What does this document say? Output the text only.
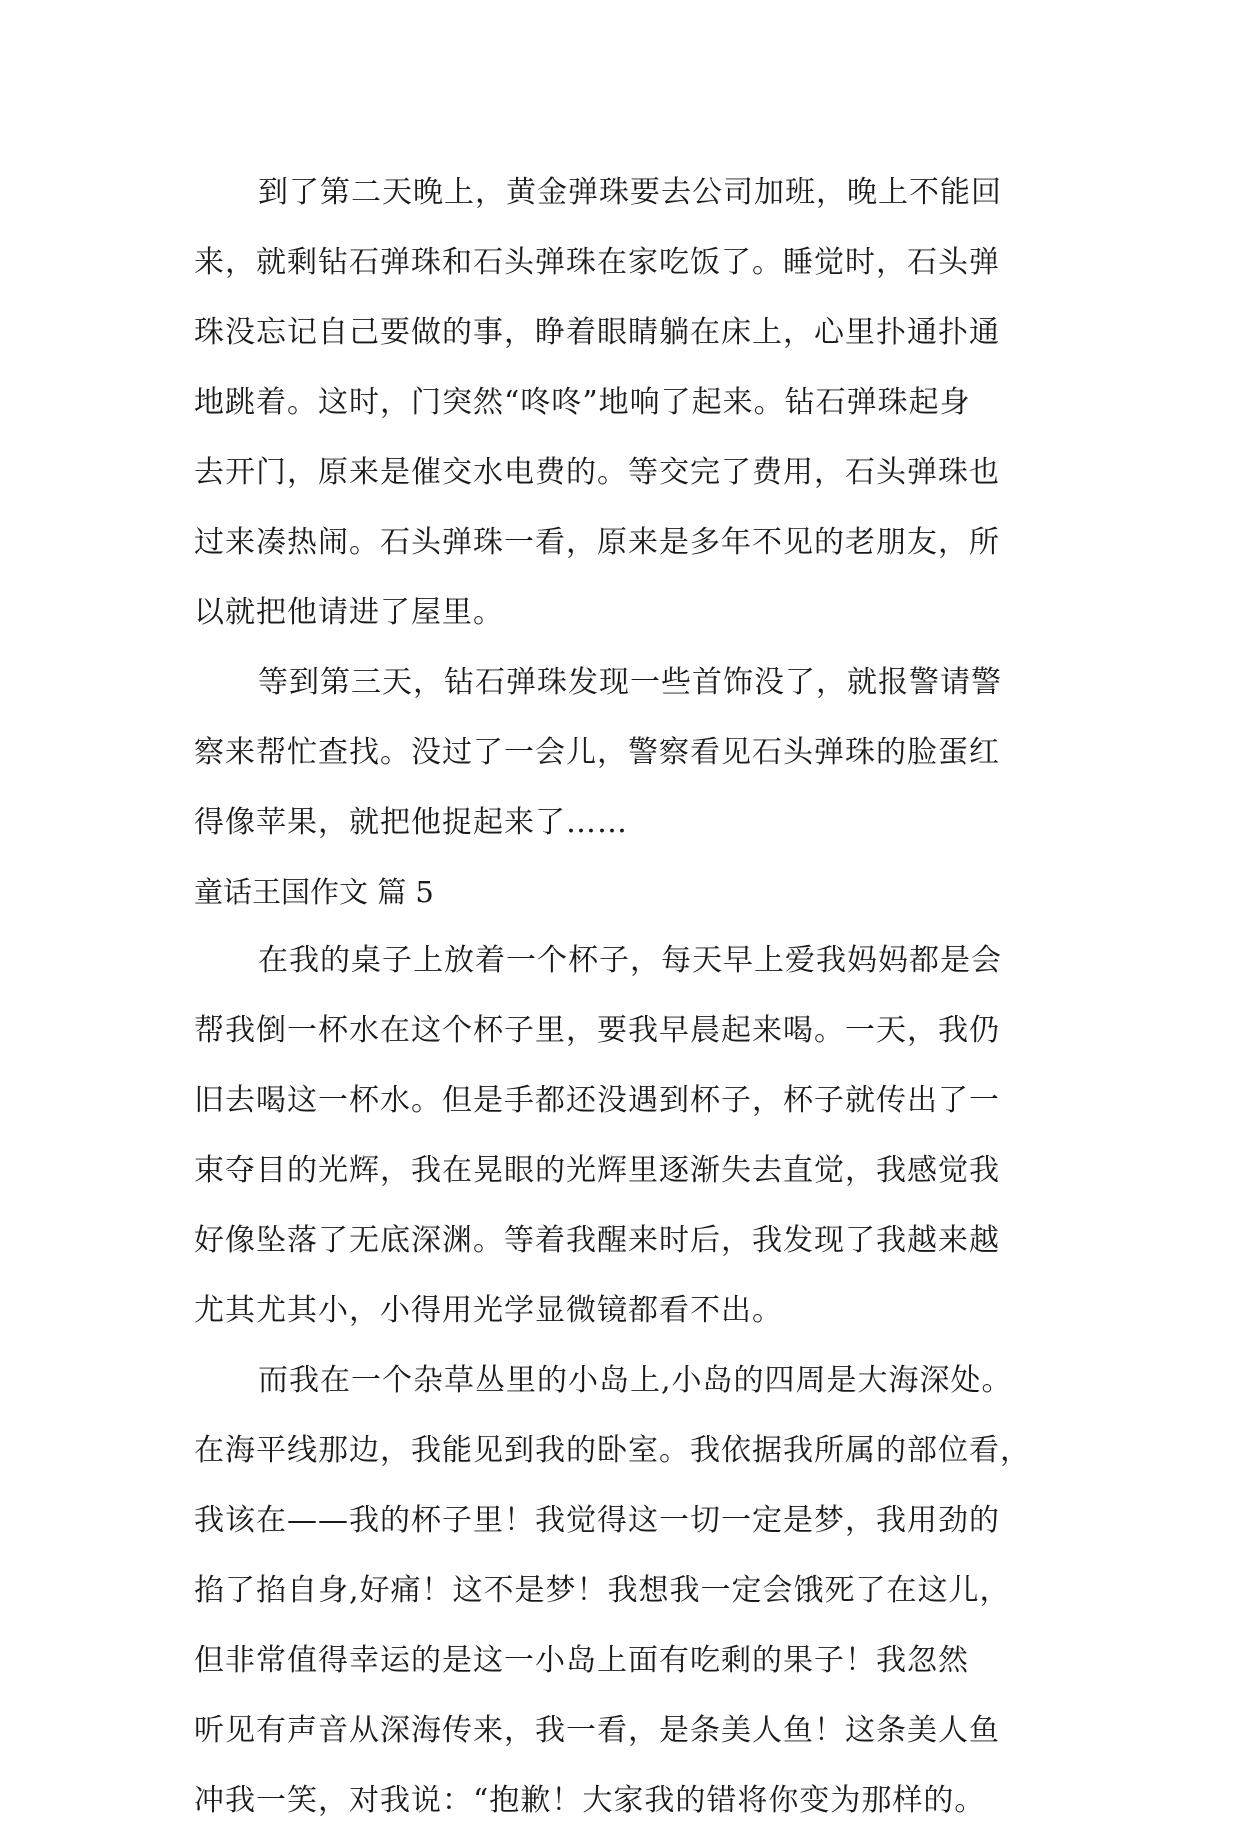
到了第二天晚上，黄金弹珠要去公司加班，晚上不能回
来，就剩钻石弹珠和石头弹珠在家吃饭了。睡觉时，石头弹
珠没忘记自己要做的事，睁着眼睛躺在床上，心里扑通扑通
地跳着。这时，门突然“咚咚”地响了起来。钻石弹珠起身
去开门，原来是催交水电费的。等交完了费用，石头弹珠也
过来凑热闹。石头弹珠一看，原来是多年不见的老朋友，所
以就把他请进了屋里。
等到第三天，钻石弹珠发现一些首饰没了，就报警请警
察来帮忙查找。没过了一会儿，警察看见石头弹珠的脸蛋红
得像苹果，就把他捉起来了……
童话王国作文 篇 5
在我的桌子上放着一个杯子，每天早上爱我妈妈都是会
帮我倒一杯水在这个杯子里，要我早晨起来喝。一天，我仍
旧去喝这一杯水。但是手都还没遇到杯子，杯子就传出了一
束夺目的光辉，我在晃眼的光辉里逐渐失去直觉，我感觉我
好像坠落了无底深渊。等着我醒来时后，我发现了我越来越
尤其尤其小，小得用光学显微镜都看不出。
而我在一个杂草丛里的小岛上,小岛的四周是大海深处。
在海平线那边，我能见到我的卧室。我依据我所属的部位看，
我该在——我的杯子里！我觉得这一切一定是梦，我用劲的
掐了掐自身,好痛！这不是梦！我想我一定会饿死了在这儿，
但非常值得幸运的是这一小岛上面有吃剩的果子！我忽然
听见有声音从深海传来，我一看，是条美人鱼！这条美人鱼
冲我一笑，对我说：“抱歉！大家我的错将你变为那样的。
